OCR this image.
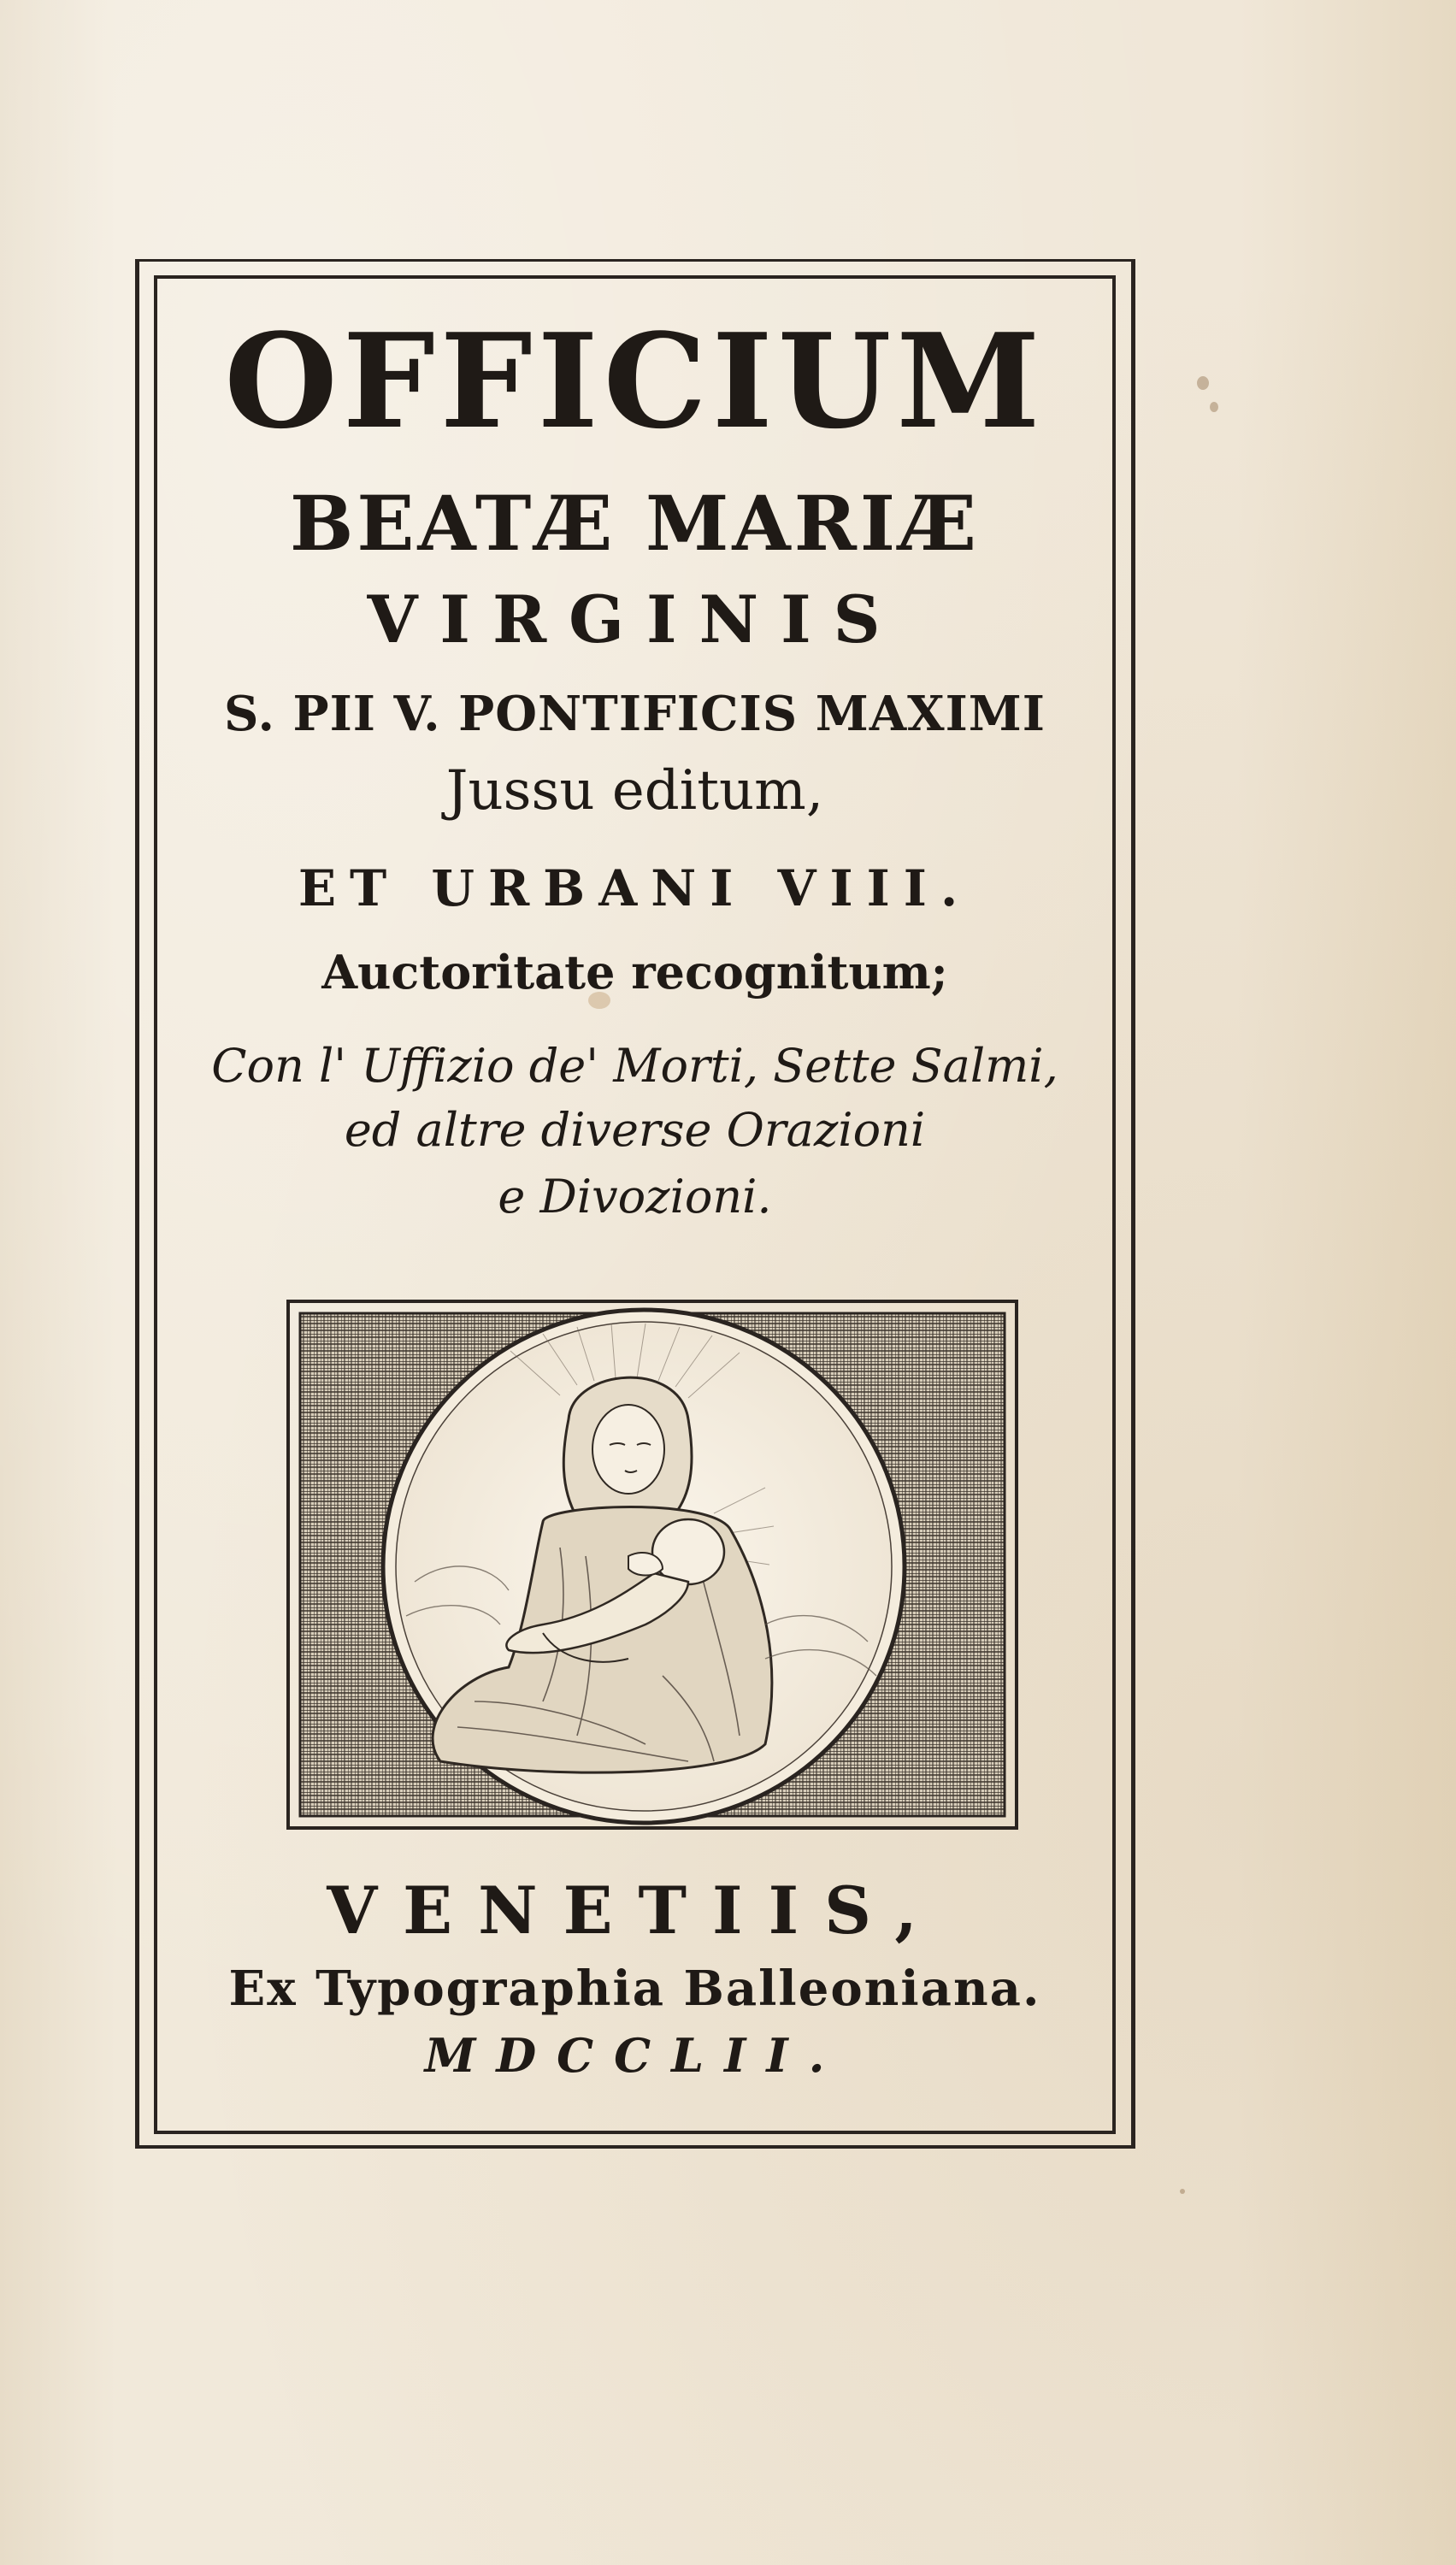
OFFICIUM
BEATÆ MARIÆ
VIRGINIS
S. PII V. PONTIFICIS MAXIMI
Jussu editum,
ET URBANI VIII.
Auctoritate recognitum;
Con l' Uffizio de' Morti, Sette Salmi,
ed altre diverse Orazioni
e Divozioni.
VENETIIS,
Ex Typographia Balleoniana.
MDCCLII.
